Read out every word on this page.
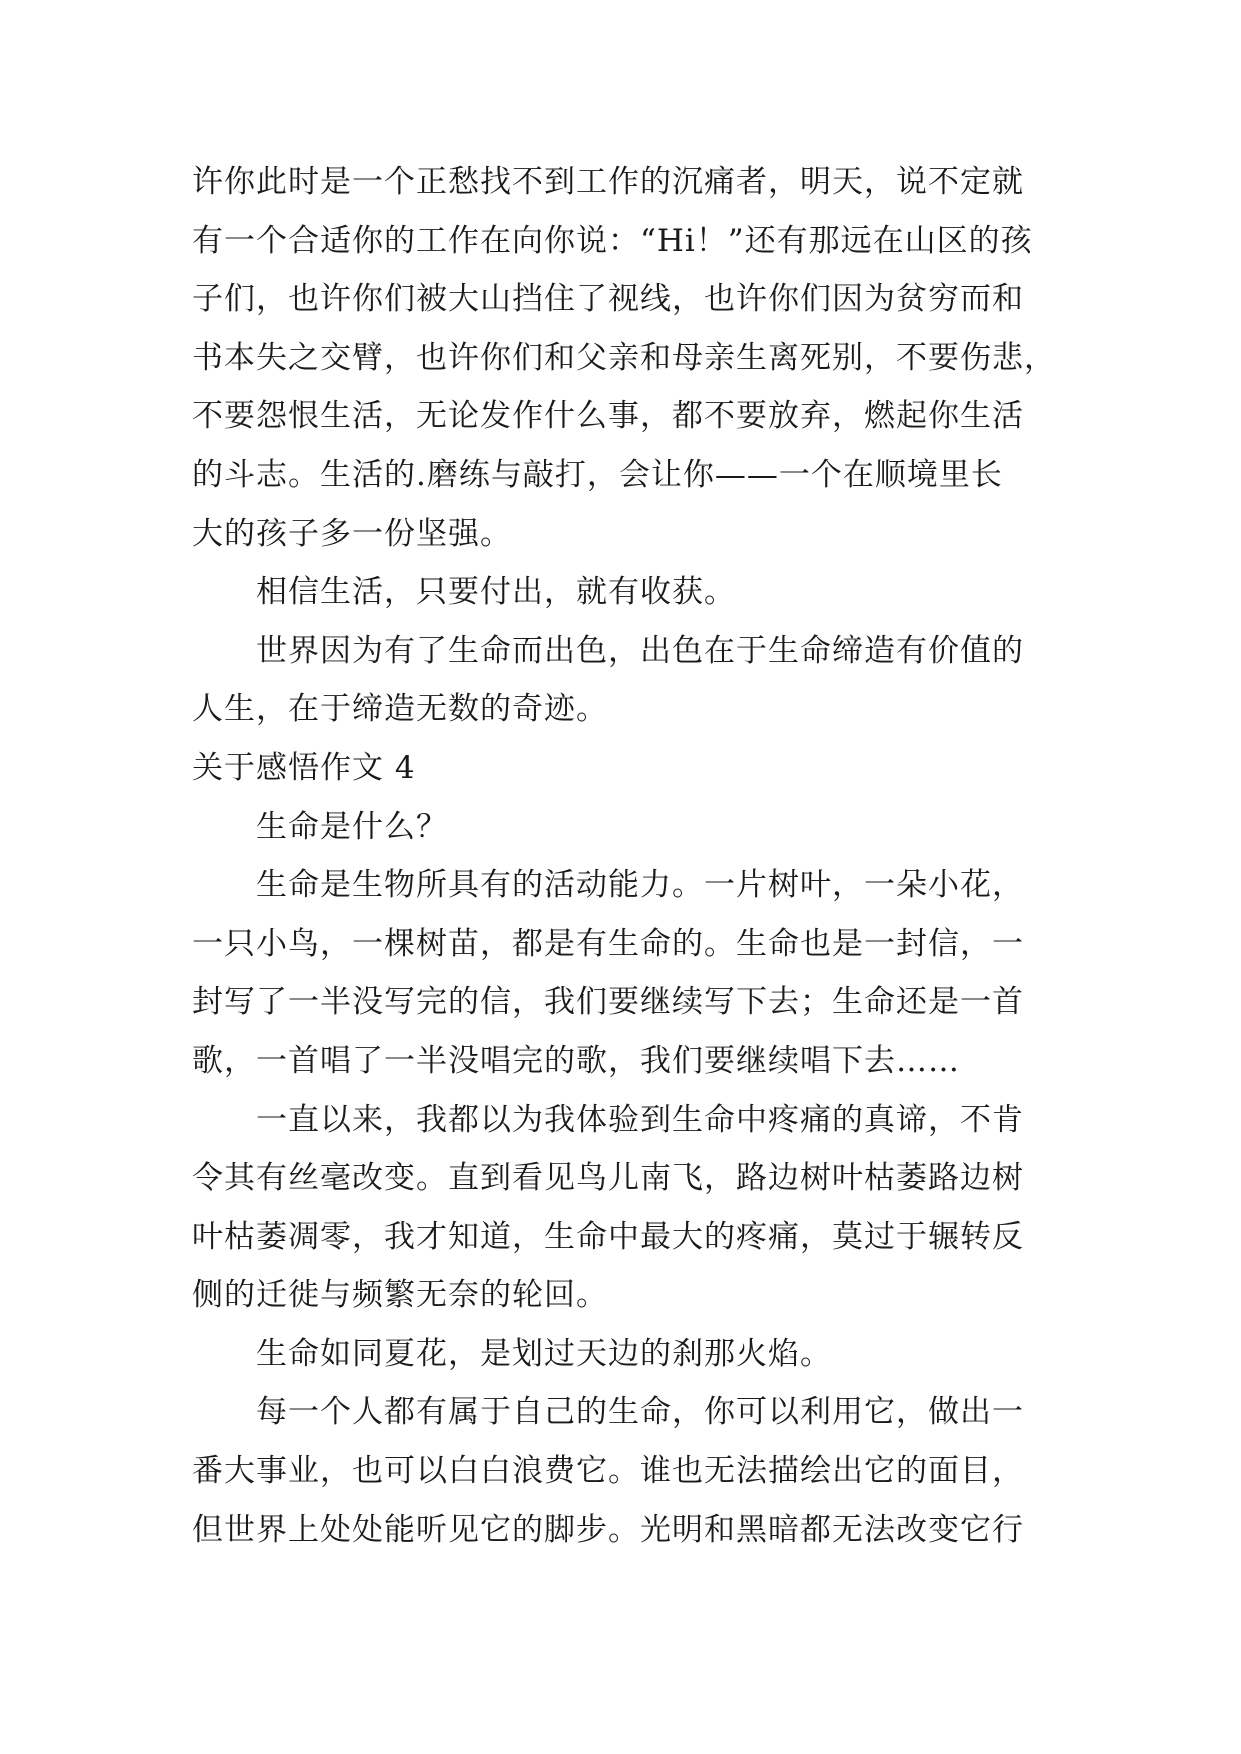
许你此时是一个正愁找不到工作的沉痛者，明天，说不定就
有一个合适你的工作在向你说：“Hi！”还有那远在山区的孩
子们，也许你们被大山挡住了视线，也许你们因为贫穷而和
书本失之交臂，也许你们和父亲和母亲生离死别，不要伤悲，
不要怨恨生活，无论发作什么事，都不要放弃，燃起你生活
的斗志。生活的.磨练与敲打，会让你——一个在顺境里长
大的孩子多一份坚强。
相信生活，只要付出，就有收获。
世界因为有了生命而出色，出色在于生命缔造有价值的
人生，在于缔造无数的奇迹。
关于感悟作文 4
生命是什么？
生命是生物所具有的活动能力。一片树叶，一朵小花，
一只小鸟，一棵树苗，都是有生命的。生命也是一封信，一
封写了一半没写完的信，我们要继续写下去；生命还是一首
歌，一首唱了一半没唱完的歌，我们要继续唱下去……
一直以来，我都以为我体验到生命中疼痛的真谛，不肯
令其有丝毫改变。直到看见鸟儿南飞，路边树叶枯萎路边树
叶枯萎凋零，我才知道，生命中最大的疼痛，莫过于辗转反
侧的迁徙与频繁无奈的轮回。
生命如同夏花，是划过天边的刹那火焰。
每一个人都有属于自己的生命，你可以利用它，做出一
番大事业，也可以白白浪费它。谁也无法描绘出它的面目，
但世界上处处能听见它的脚步。光明和黑暗都无法改变它行
